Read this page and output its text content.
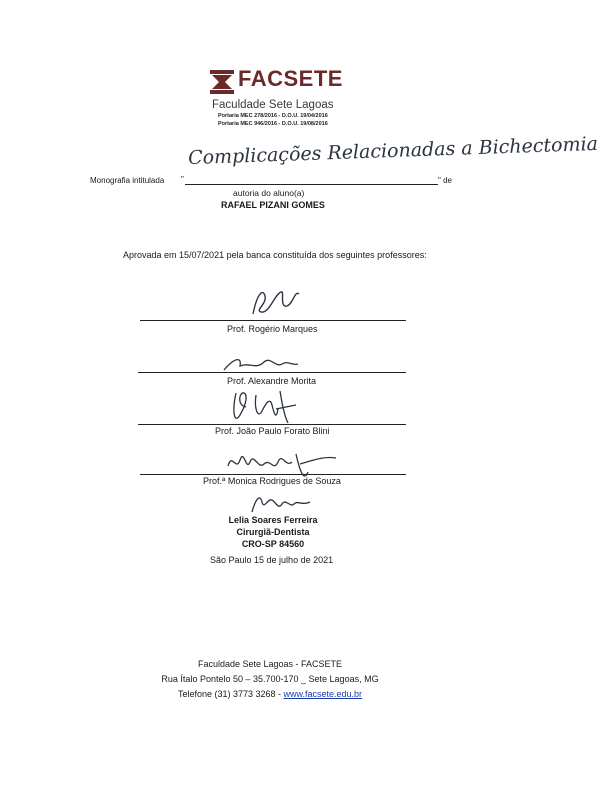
FACSETE
Faculdade Sete Lagoas
Portaria MEC 278/2016 - D.O.U. 19/04/2016
Portaria MEC 946/2016 - D.O.U. 19/08/2016
Monografia intitulada "	" de
Complicações Relacionadas a Bichectomia
autoria do aluno(a)
RAFAEL PIZANI GOMES
Aprovada em 15/07/2021 pela banca constituída dos seguintes professores:
Prof. Rogério Marques
Prof. Alexandre Morita
Prof. João Paulo Forato Blini
Prof.ª Monica Rodrigues de Souza
Lelia Soares Ferreira
Cirurgiã-Dentista
CRO-SP 84560
São Paulo 15 de julho de 2021
Faculdade Sete Lagoas - FACSETE
Rua Ítalo Pontelo 50 – 35.700-170 _ Sete Lagoas, MG
Telefone (31) 3773 3268 - www.facsete.edu.br
